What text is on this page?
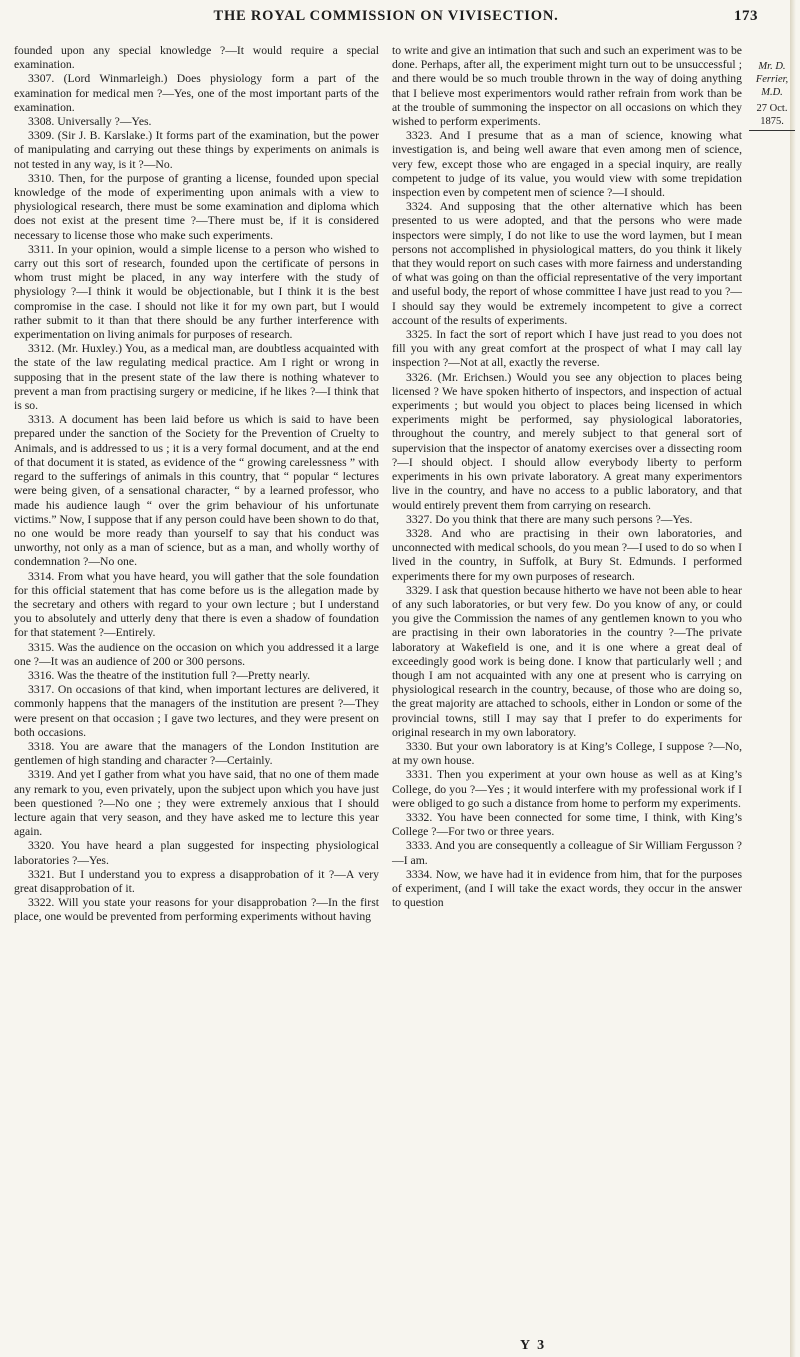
THE ROYAL COMMISSION ON VIVISECTION.	173
Mr. D. Ferrier, M.D.
27 Oct. 1875.

founded upon any special knowledge ?—It would require a special examination.

3307. (Lord Winmarleigh.) Does physiology form a part of the examination for medical men ?—Yes, one of the most important parts of the examination.

3308. Universally ?—Yes.

3309. (Sir J. B. Karslake.) It forms part of the examination, but the power of manipulating and carrying out these things by experiments on animals is not tested in any way, is it ?—No.

3310. Then, for the purpose of granting a license, founded upon special knowledge of the mode of experimenting upon animals with a view to physiological research, there must be some examination and diploma which does not exist at the present time ?—There must be, if it is considered necessary to license those who make such experiments.

3311. In your opinion, would a simple license to a person who wished to carry out this sort of research, founded upon the certificate of persons in whom trust might be placed, in any way interfere with the study of physiology ?—I think it would be objectionable, but I think it is the best compromise in the case. I should not like it for my own part, but I would rather submit to it than that there should be any further interference with experimentation on living animals for purposes of research.

3312. (Mr. Huxley.) You, as a medical man, are doubtless acquainted with the state of the law regulating medical practice. Am I right or wrong in supposing that in the present state of the law there is nothing whatever to prevent a man from practising surgery or medicine, if he likes ?—I think that is so.

3313. A document has been laid before us which is said to have been prepared under the sanction of the Society for the Prevention of Cruelty to Animals, and is addressed to us ; it is a very formal document, and at the end of that document it is stated, as evidence of the “ growing carelessness ” with regard to the sufferings of animals in this country, that “ popular “ lectures were being given, of a sensational character, “ by a learned professor, who made his audience laugh “ over the grim behaviour of his unfortunate victims.” Now, I suppose that if any person could have been shown to do that, no one would be more ready than yourself to say that his conduct was unworthy, not only as a man of science, but as a man, and wholly worthy of condemnation ?—No one.

3314. From what you have heard, you will gather that the sole foundation for this official statement that has come before us is the allegation made by the secretary and others with regard to your own lecture ; but I understand you to absolutely and utterly deny that there is even a shadow of foundation for that statement ?—Entirely.

3315. Was the audience on the occasion on which you addressed it a large one ?—It was an audience of 200 or 300 persons.

3316. Was the theatre of the institution full ?—Pretty nearly.

3317. On occasions of that kind, when important lectures are delivered, it commonly happens that the managers of the institution are present ?—They were present on that occasion ; I gave two lectures, and they were present on both occasions.

3318. You are aware that the managers of the London Institution are gentlemen of high standing and character ?—Certainly.

3319. And yet I gather from what you have said, that no one of them made any remark to you, even privately, upon the subject upon which you have just been questioned ?—No one ; they were extremely anxious that I should lecture again that very season, and they have asked me to lecture this year again.

3320. You have heard a plan suggested for inspecting physiological laboratories ?—Yes.

3321. But I understand you to express a disapprobation of it ?—A very great disapprobation of it.

3322. Will you state your reasons for your disapprobation ?—In the first place, one would be prevented from performing experiments without having

to write and give an intimation that such and such an experiment was to be done. Perhaps, after all, the experiment might turn out to be unsuccessful ; and there would be so much trouble thrown in the way of doing anything that I believe most experimentors would rather refrain from work than be at the trouble of summoning the inspector on all occasions on which they wished to perform experiments.

3323. And I presume that as a man of science, knowing what investigation is, and being well aware that even among men of science, very few, except those who are engaged in a special inquiry, are really competent to judge of its value, you would view with some trepidation inspection even by competent men of science ?—I should.

3324. And supposing that the other alternative which has been presented to us were adopted, and that the persons who were made inspectors were simply, I do not like to use the word laymen, but I mean persons not accomplished in physiological matters, do you think it likely that they would report on such cases with more fairness and understanding of what was going on than the official representative of the very important and useful body, the report of whose committee I have just read to you ?—I should say they would be extremely incompetent to give a correct account of the results of experiments.

3325. In fact the sort of report which I have just read to you does not fill you with any great comfort at the prospect of what I may call lay inspection ?—Not at all, exactly the reverse.

3326. (Mr. Erichsen.) Would you see any objection to places being licensed ? We have spoken hitherto of inspectors, and inspection of actual experiments ; but would you object to places being licensed in which experiments might be performed, say physiological laboratories, throughout the country, and merely subject to that general sort of supervision that the inspector of anatomy exercises over a dissecting room ?—I should object. I should allow everybody liberty to perform experiments in his own private laboratory. A great many experimentors live in the country, and have no access to a public laboratory, and that would entirely prevent them from carrying on research.

3327. Do you think that there are many such persons ?—Yes.

3328. And who are practising in their own laboratories, and unconnected with medical schools, do you mean ?—I used to do so when I lived in the country, in Suffolk, at Bury St. Edmunds. I performed experiments there for my own purposes of research.

3329. I ask that question because hitherto we have not been able to hear of any such laboratories, or but very few. Do you know of any, or could you give the Commission the names of any gentlemen known to you who are practising in their own laboratories in the country ?—The private laboratory at Wakefield is one, and it is one where a great deal of exceedingly good work is being done. I know that particularly well ; and though I am not acquainted with any one at present who is carrying on physiological research in the country, because, of those who are doing so, the great majority are attached to schools, either in London or some of the provincial towns, still I may say that I prefer to do experiments for original research in my own laboratory.

3330. But your own laboratory is at King’s College, I suppose ?—No, at my own house.

3331. Then you experiment at your own house as well as at King’s College, do you ?—Yes ; it would interfere with my professional work if I were obliged to go such a distance from home to perform my experiments.

3332. You have been connected for some time, I think, with King’s College ?—For two or three years.

3333. And you are consequently a colleague of Sir William Fergusson ?—I am.

3334. Now, we have had it in evidence from him, that for the purposes of experiment, (and I will take the exact words, they occur in the answer to question

Y 3
